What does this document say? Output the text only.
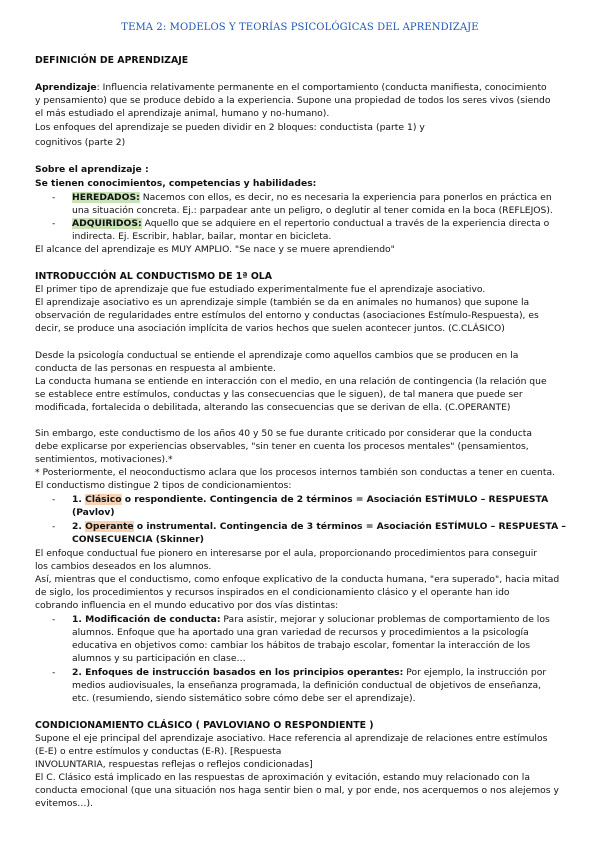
TEMA 2: MODELOS Y TEORÍAS PSICOLÓGICAS DEL APRENDIZAJE

DEFINICIÓN DE APRENDIZAJE

Aprendizaje: Influencia relativamente permanente en el comportamiento (conducta manifiesta, conocimiento

y pensamiento) que se produce debido a la experiencia. Supone una propiedad de todos los seres vivos (siendo

el más estudiado el aprendizaje animal, humano y no-humano).

Los enfoques del aprendizaje se pueden dividir en 2 bloques: conductista (parte 1) y

cognitivos (parte 2)

Sobre el aprendizaje :

Se tienen conocimientos, competencias y habilidades:

- HEREDADOS: Nacemos con ellos, es decir, no es necesaria la experiencia para ponerlos en práctica en

una situación concreta. Ej.: parpadear ante un peligro, o deglutir al tener comida en la boca (REFLEJOS).

- ADQUIRIDOS: Aquello que se adquiere en el repertorio conductual a través de la experiencia directa o

indirecta. Ej. Escribir, hablar, bailar, montar en bicicleta.

El alcance del aprendizaje es MUY AMPLIO. "Se nace y se muere aprendiendo"

INTRODUCCIÓN AL CONDUCTISMO DE 1ª OLA

El primer tipo de aprendizaje que fue estudiado experimentalmente fue el aprendizaje asociativo.

El aprendizaje asociativo es un aprendizaje simple (también se da en animales no humanos) que supone la

observación de regularidades entre estímulos del entorno y conductas (asociaciones Estímulo-Respuesta), es

decir, se produce una asociación implícita de varios hechos que suelen acontecer juntos. (C.CLÁSICO)

Desde la psicología conductual se entiende el aprendizaje como aquellos cambios que se producen en la

conducta de las personas en respuesta al ambiente.

La conducta humana se entiende en interacción con el medio, en una relación de contingencia (la relación que

se establece entre estímulos, conductas y las consecuencias que le siguen), de tal manera que puede ser

modificada, fortalecida o debilitada, alterando las consecuencias que se derivan de ella. (C.OPERANTE)

Sin embargo, este conductismo de los años 40 y 50 se fue durante criticado por considerar que la conducta

debe explicarse por experiencias observables, "sin tener en cuenta los procesos mentales" (pensamientos,

sentimientos, motivaciones).*

* Posteriormente, el neoconductismo aclara que los procesos internos también son conductas a tener en cuenta.

El conductismo distingue 2 tipos de condicionamientos:

- 1. Clásico o respondiente. Contingencia de 2 términos = Asociación ESTÍMULO – RESPUESTA

(Pavlov)

- 2. Operante o instrumental. Contingencia de 3 términos = Asociación ESTÍMULO – RESPUESTA –

CONSECUENCIA (Skinner)

El enfoque conductual fue pionero en interesarse por el aula, proporcionando procedimientos para conseguir

los cambios deseados en los alumnos.

Así, mientras que el conductismo, como enfoque explicativo de la conducta humana, "era superado", hacia mitad

de siglo, los procedimientos y recursos inspirados en el condicionamiento clásico y el operante han ido

cobrando influencia en el mundo educativo por dos vías distintas:

- 1. Modificación de conducta: Para asistir, mejorar y solucionar problemas de comportamiento de los

alumnos. Enfoque que ha aportado una gran variedad de recursos y procedimientos a la psicología

educativa en objetivos como: cambiar los hábitos de trabajo escolar, fomentar la interacción de los

alumnos y su participación en clase…

- 2. Enfoques de instrucción basados en los principios operantes: Por ejemplo, la instrucción por

medios audiovisuales, la enseñanza programada, la definición conductual de objetivos de enseñanza,

etc. (resumiendo, siendo sistemático sobre cómo debe ser el aprendizaje).

CONDICIONAMIENTO CLÁSICO ( PAVLOVIANO O RESPONDIENTE )

Supone el eje principal del aprendizaje asociativo. Hace referencia al aprendizaje de relaciones entre estímulos

(E-E) o entre estímulos y conductas (E-R). [Respuesta

INVOLUNTARIA, respuestas reflejas o reflejos condicionadas]

El C. Clásico está implicado en las respuestas de aproximación y evitación, estando muy relacionado con la

conducta emocional (que una situación nos haga sentir bien o mal, y por ende, nos acerquemos o nos alejemos y

evitemos…).
